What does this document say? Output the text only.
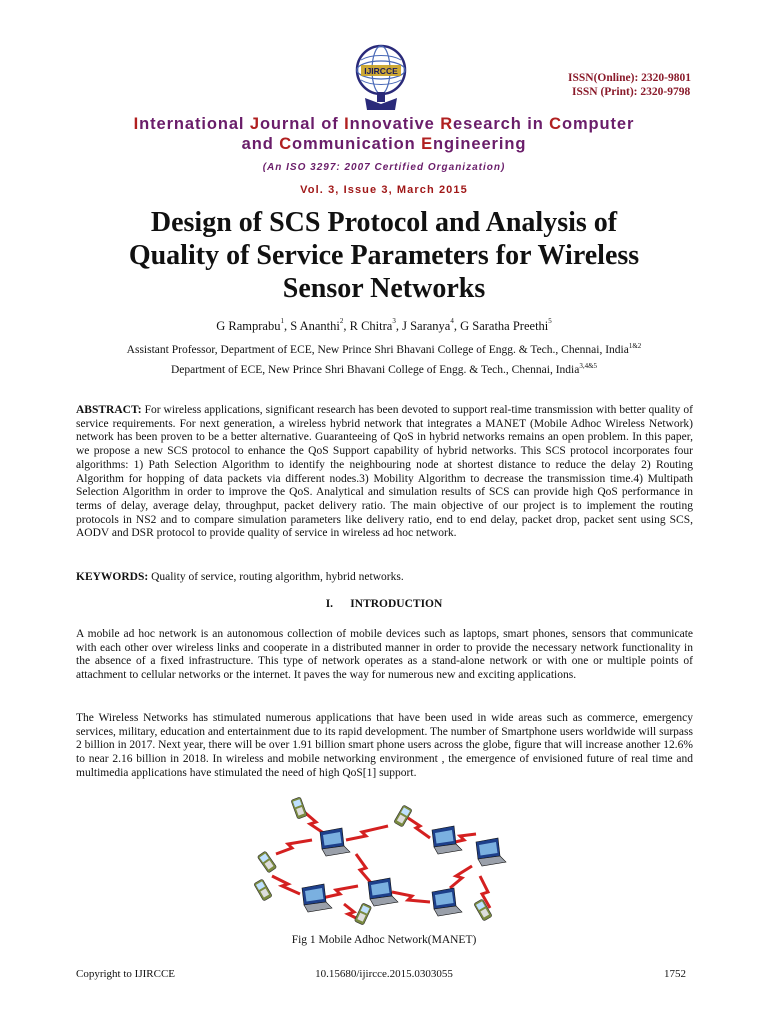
IJIRCCE
ISSN(Online): 2320-9801
ISSN (Print): 2320-9798
International Journal of Innovative Research in Computer
and Communication Engineering
(An ISO 3297: 2007 Certified Organization)
Vol. 3, Issue 3, March 2015
Design of SCS Protocol and Analysis of
Quality of Service Parameters for Wireless
Sensor Networks
G Ramprabu$^1$, S Ananthi$^2$, R Chitra$^3$, J Saranya$^4$, G Saratha Preethi$^5$
Assistant Professor, Department of ECE, New Prince Shri Bhavani College of Engg. & Tech., Chennai, India$^{1\&2}$
Department of ECE, New Prince Shri Bhavani College of Engg. & Tech., Chennai, India$^{3,4\&5}$
ABSTRACT: For wireless applications, significant research has been devoted to support real-time transmission with better quality of service requirements. For next generation, a wireless hybrid network that integrates a MANET (Mobile Adhoc Wireless Network) network has been proven to be a better alternative. Guaranteeing of QoS in hybrid networks remains an open problem. In this paper, we propose a new SCS protocol to enhance the QoS Support capability of hybrid networks. This SCS protocol incorporates four algorithms: 1) Path Selection Algorithm to identify the neighbouring node at shortest distance to reduce the delay 2) Routing Algorithm for hopping of data packets via different nodes.3) Mobility Algorithm to decrease the transmission time.4) Multipath Selection Algorithm in order to improve the QoS. Analytical and simulation results of SCS can provide high QoS performance in terms of delay, average delay, throughput, packet delivery ratio. The main objective of our project is to implement the routing protocols in NS2 and to compare simulation parameters like delivery ratio, end to end delay, packet drop, packet sent using SCS, AODV and DSR protocol to provide quality of service in wireless ad hoc network.
KEYWORDS: Quality of service, routing algorithm, hybrid networks.
I.      INTRODUCTION
A mobile ad hoc network is an autonomous collection of mobile devices such as laptops, smart phones, sensors that communicate with each other over wireless links and cooperate in a distributed manner in order to provide the necessary network functionality in the absence of a fixed infrastructure. This type of network operates as a stand-alone network or with one or multiple points of attachment to cellular networks or the internet. It paves the way for numerous new and exciting applications.
The Wireless Networks has stimulated numerous applications that have been used in wide areas such as commerce, emergency services, military, education and entertainment due to its rapid development. The number of Smartphone users worldwide will surpass 2 billion in 2017. Next year, there will be over 1.91 billion smart phone users across the globe, figure that will increase another 12.6% to near 2.16 billion in 2018. In wireless and mobile networking environment , the emergence of envisioned future of real time and multimedia applications have stimulated the need of high QoS[1] support.
Fig 1 Mobile Adhoc Network(MANET)
Copyright to IJIRCCE	10.15680/ijircce.2015.0303055	1752
